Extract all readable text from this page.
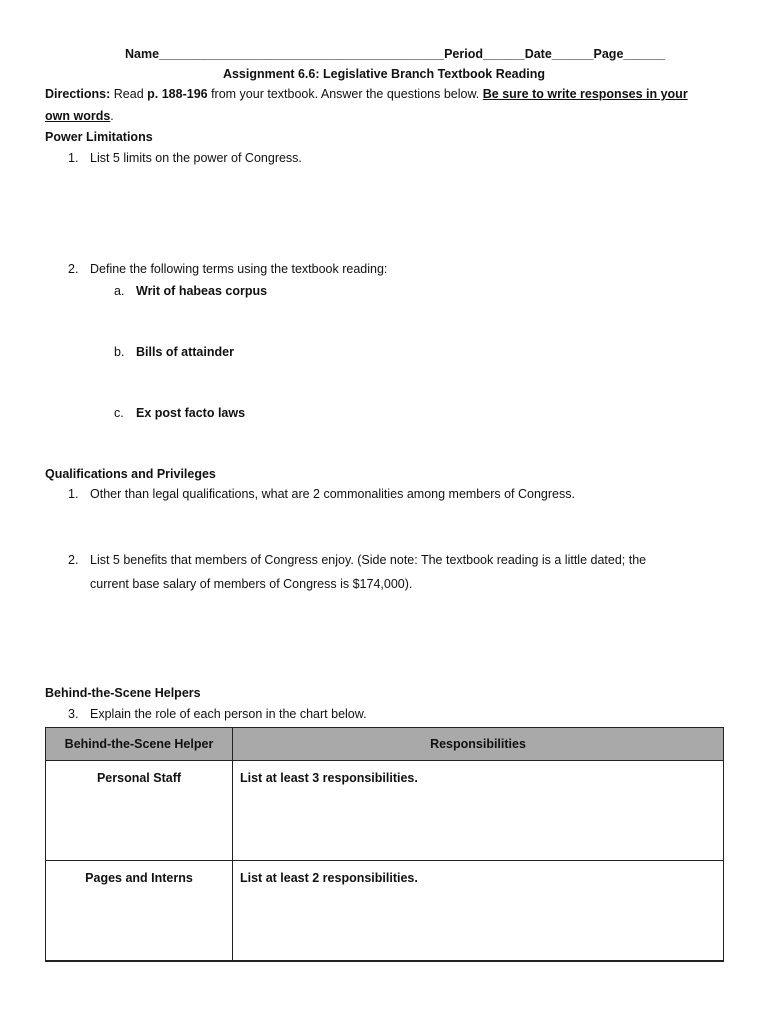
Name_________________________________________Period______Date______Page______
Assignment 6.6: Legislative Branch Textbook Reading
Directions: Read p. 188-196 from your textbook. Answer the questions below. Be sure to write responses in your
own words.
Power Limitations
1. List 5 limits on the power of Congress.
2. Define the following terms using the textbook reading:
a. Writ of habeas corpus
b. Bills of attainder
c. Ex post facto laws
Qualifications and Privileges
1. Other than legal qualifications, what are 2 commonalities among members of Congress.
2. List 5 benefits that members of Congress enjoy. (Side note: The textbook reading is a little dated; the
current base salary of members of Congress is $174,000).
Behind-the-Scene Helpers
3. Explain the role of each person in the chart below.
Behind-the-Scene Helper	Responsibilities
Personal Staff	List at least 3 responsibilities.
Pages and Interns	List at least 2 responsibilities.
